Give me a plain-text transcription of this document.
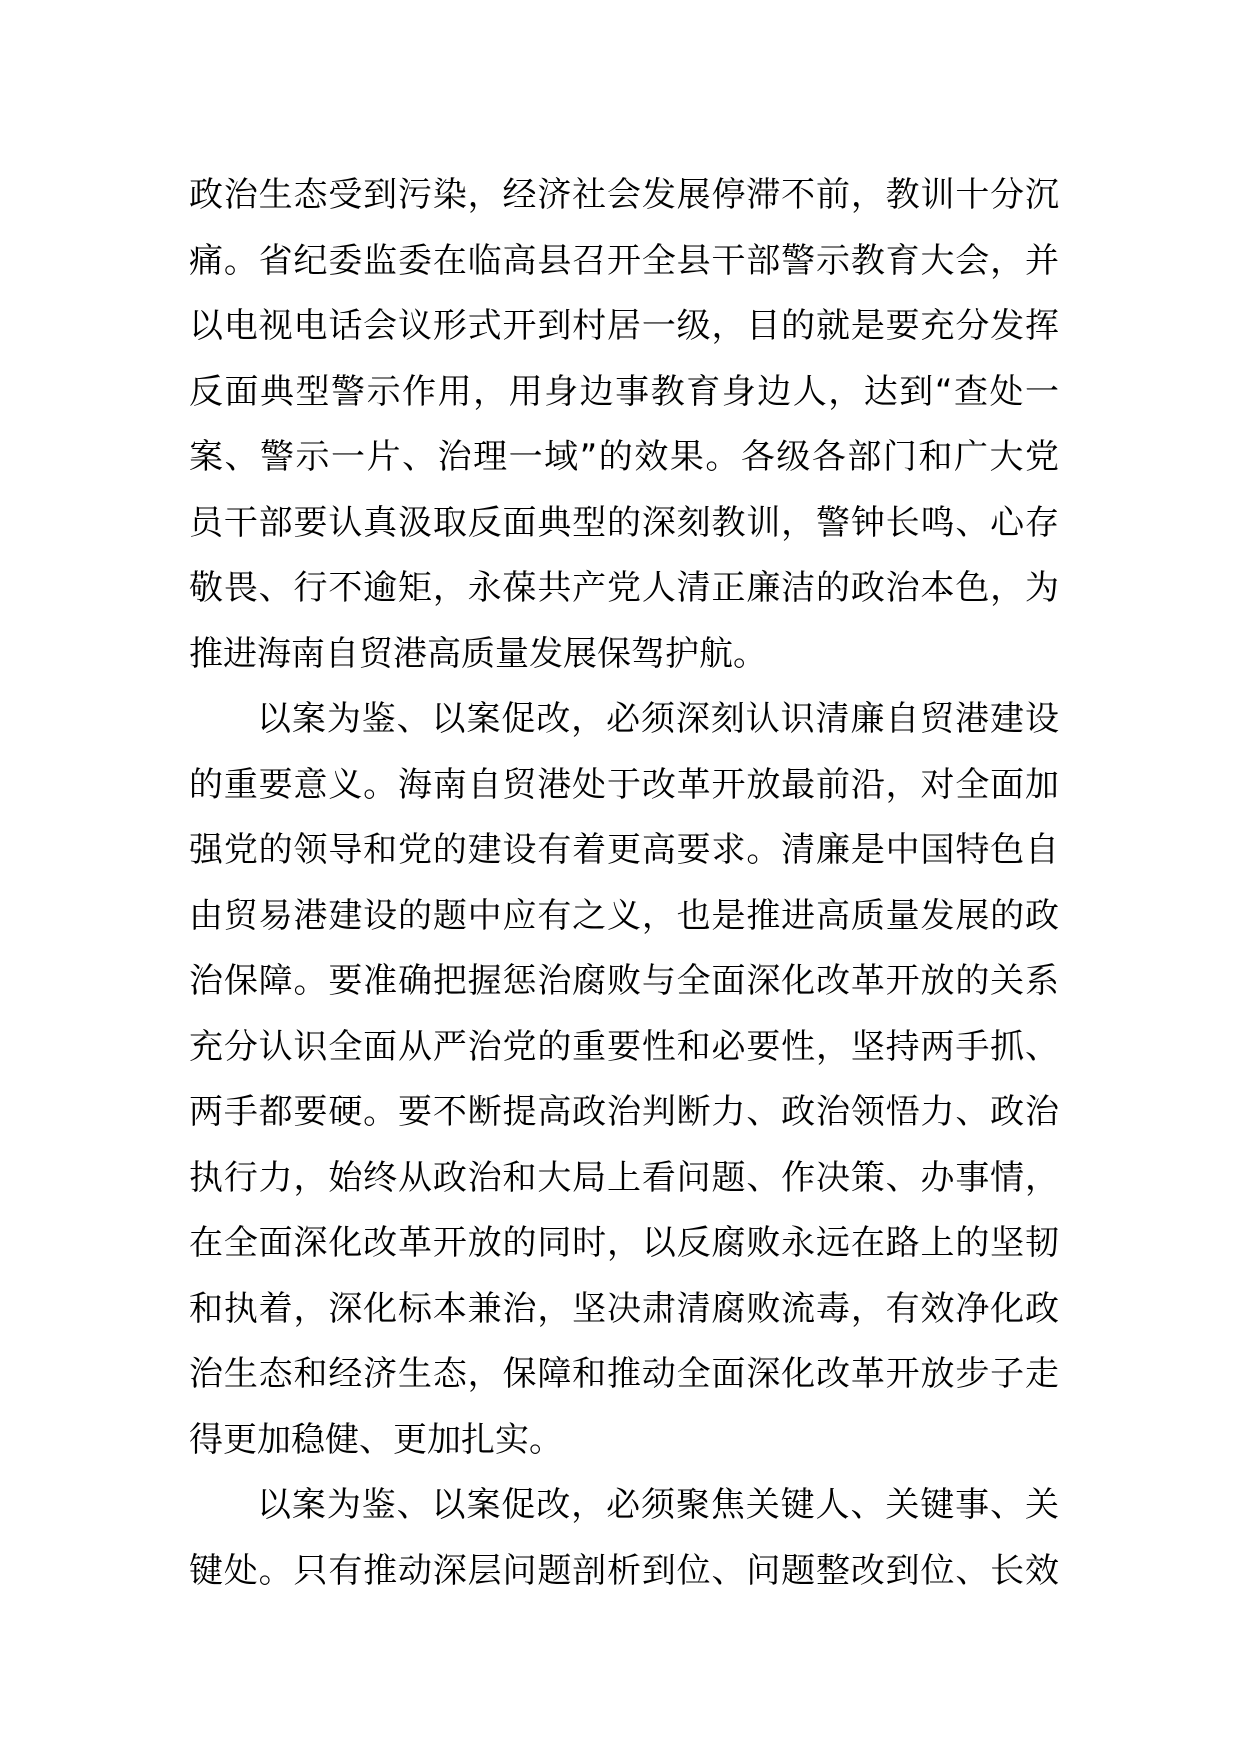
政治生态受到污染，经济社会发展停滞不前，教训十分沉
痛。省纪委监委在临高县召开全县干部警示教育大会，并
以电视电话会议形式开到村居一级，目的就是要充分发挥
反面典型警示作用，用身边事教育身边人，达到“查处一
案、警示一片、治理一域”的效果。各级各部门和广大党
员干部要认真汲取反面典型的深刻教训，警钟长鸣、心存
敬畏、行不逾矩，永葆共产党人清正廉洁的政治本色，为
推进海南自贸港高质量发展保驾护航。
以案为鉴、以案促改，必须深刻认识清廉自贸港建设
的重要意义。海南自贸港处于改革开放最前沿，对全面加
强党的领导和党的建设有着更高要求。清廉是中国特色自
由贸易港建设的题中应有之义，也是推进高质量发展的政
治保障。要准确把握惩治腐败与全面深化改革开放的关系
充分认识全面从严治党的重要性和必要性，坚持两手抓、
两手都要硬。要不断提高政治判断力、政治领悟力、政治
执行力，始终从政治和大局上看问题、作决策、办事情，
在全面深化改革开放的同时，以反腐败永远在路上的坚韧
和执着，深化标本兼治，坚决肃清腐败流毒，有效净化政
治生态和经济生态，保障和推动全面深化改革开放步子走
得更加稳健、更加扎实。
以案为鉴、以案促改，必须聚焦关键人、关键事、关
键处。只有推动深层问题剖析到位、问题整改到位、长效
